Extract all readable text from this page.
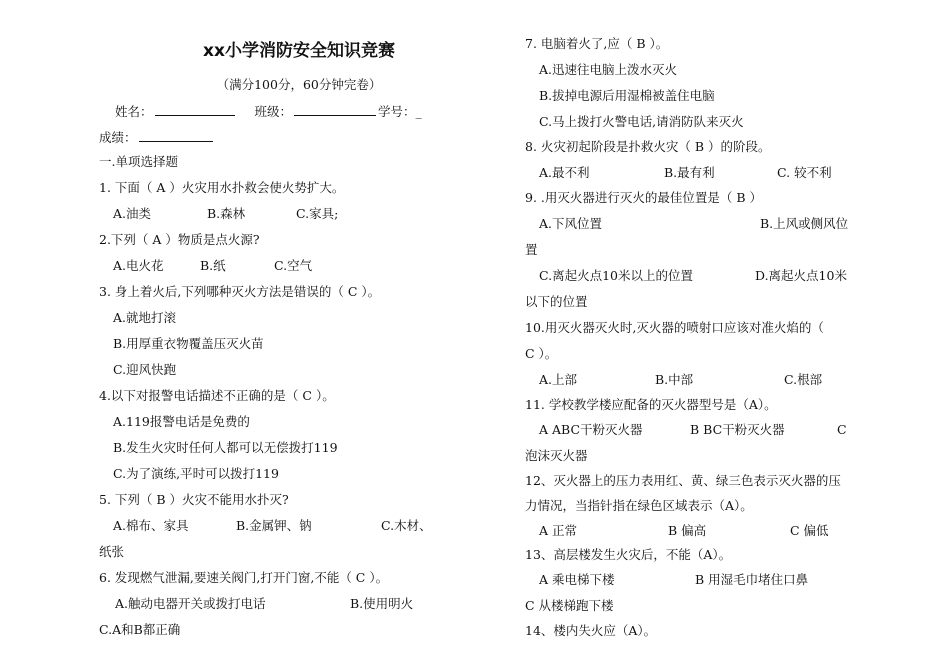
xx小学消防安全知识竞赛
（满分100分，60分钟完卷）
姓名：	班级：	学号：_
成绩：
一.单项选择题
1. 下面（ A ）火灾用水扑救会使火势扩大。
A.油类	B.森林	C.家具;
2.下列（ A ）物质是点火源?
A.电火花	B.纸	C.空气
3. 身上着火后,下列哪种灭火方法是错误的（ C ）。
A.就地打滚
B.用厚重衣物覆盖压灭火苗
C.迎风快跑
4.以下对报警电话描述不正确的是（ C ）。
A.119报警电话是免费的
B.发生火灾时任何人都可以无偿拨打119
C.为了演练,平时可以拨打119
5. 下列（ B ）火灾不能用水扑灭?
A.棉布、家具	B.金属钾、钠	C.木材、
纸张
6. 发现燃气泄漏,要速关阀门,打开门窗,不能（ C ）。
A.触动电器开关或拨打电话	B.使用明火
C.A和B都正确
7. 电脑着火了,应（ B ）。
A.迅速往电脑上泼水灭火
B.拔掉电源后用湿棉被盖住电脑
C.马上拨打火警电话,请消防队来灭火
8. 火灾初起阶段是扑救火灾（ B ）的阶段。
A.最不利	B.最有利	C. 较不利
9. .用灭火器进行灭火的最佳位置是（ B ）
A.下风位置	B.上风或侧风位
置
C.离起火点10米以上的位置	D.离起火点10米
以下的位置
10.用灭火器灭火时,灭火器的喷射口应该对准火焰的（
C ）。
A.上部	B.中部	C.根部
11. 学校教学楼应配备的灭火器型号是（A）。
A ABC干粉灭火器	B BC干粉灭火器	C
泡沫灭火器
12、灭火器上的压力表用红、黄、绿三色表示灭火器的压
力情况，当指针指在绿色区域表示（A）。
A 正常	B 偏高	C 偏低
13、高层楼发生火灾后，不能（A）。
A 乘电梯下楼	B 用湿毛巾堵住口鼻
C 从楼梯跑下楼
14、楼内失火应（A）。
